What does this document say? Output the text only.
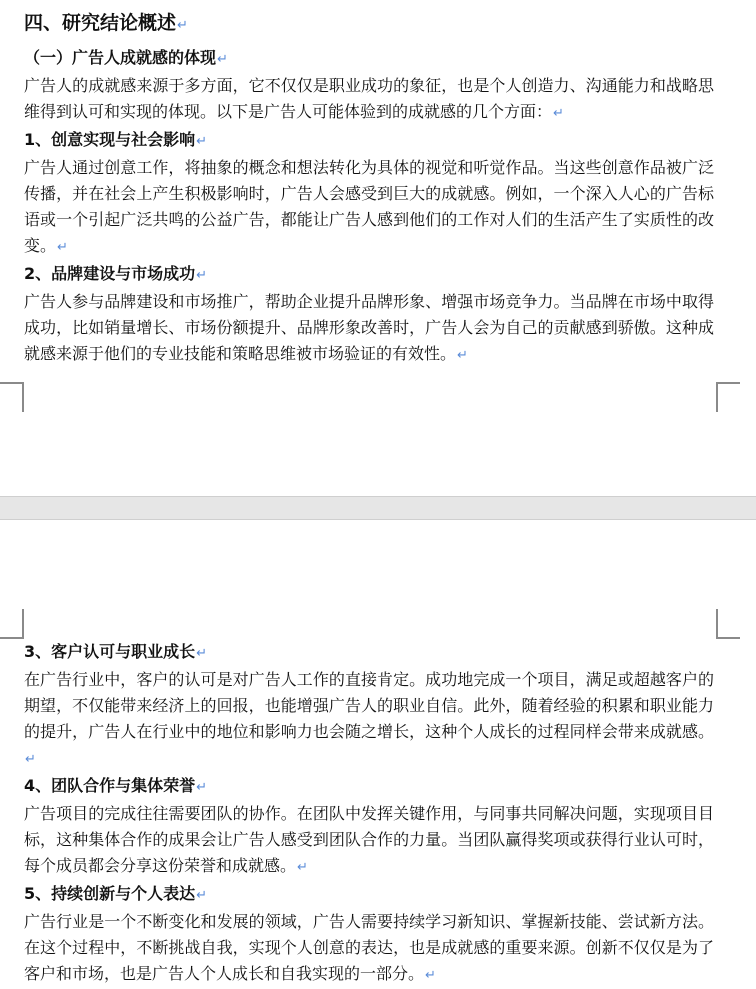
四、研究结论概述↵
（一）广告人成就感的体现↵

广告人的成就感来源于多方面，它不仅仅是职业成功的象征，也是个人创造力、沟通能力和战略思维得到认可和实现的体现。以下是广告人可能体验到的成就感的几个方面：↵

1、创意实现与社会影响↵

广告人通过创意工作，将抽象的概念和想法转化为具体的视觉和听觉作品。当这些创意作品被广泛传播，并在社会上产生积极影响时，广告人会感受到巨大的成就感。例如，一个深入人心的广告标语或一个引起广泛共鸣的公益广告，都能让广告人感到他们的工作对人们的生活产生了实质性的改变。↵

2、品牌建设与市场成功↵

广告人参与品牌建设和市场推广，帮助企业提升品牌形象、增强市场竞争力。当品牌在市场中取得成功，比如销量增长、市场份额提升、品牌形象改善时，广告人会为自己的贡献感到骄傲。这种成就感来源于他们的专业技能和策略思维被市场验证的有效性。↵

3、客户认可与职业成长↵

在广告行业中，客户的认可是对广告人工作的直接肯定。成功地完成一个项目，满足或超越客户的期望，不仅能带来经济上的回报，也能增强广告人的职业自信。此外，随着经验的积累和职业能力的提升，广告人在行业中的地位和影响力也会随之增长，这种个人成长的过程同样会带来成就感。↵

4、团队合作与集体荣誉↵

广告项目的完成往往需要团队的协作。在团队中发挥关键作用，与同事共同解决问题，实现项目目标，这种集体合作的成果会让广告人感受到团队合作的力量。当团队赢得奖项或获得行业认可时，每个成员都会分享这份荣誉和成就感。↵

5、持续创新与个人表达↵

广告行业是一个不断变化和发展的领域，广告人需要持续学习新知识、掌握新技能、尝试新方法。在这个过程中，不断挑战自我，实现个人创意的表达，也是成就感的重要来源。创新不仅仅是为了客户和市场，也是广告人个人成长和自我实现的一部分。↵
